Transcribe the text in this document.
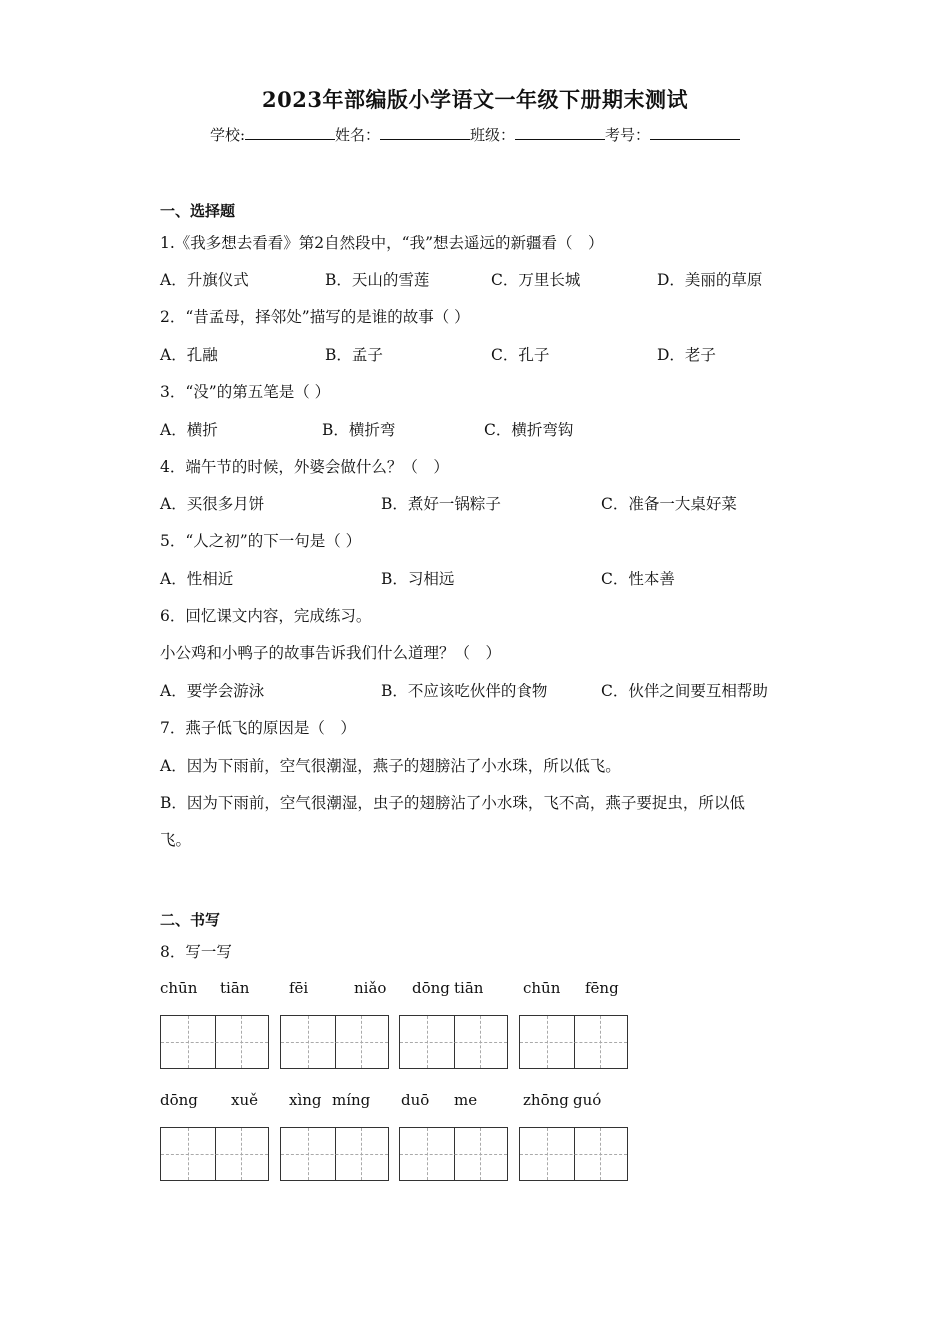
2023年部编版小学语文一年级下册期末测试
学校:	姓名：	班级：	考号：
一、选择题
1.《我多想去看看》第2自然段中，“我”想去遥远的新疆看（　）
A．升旗仪式	B．天山的雪莲	C．万里长城	D．美丽的草原
2．“昔孟母，择邻处”描写的是谁的故事（ ）
A．孔融	B．孟子	C．孔子	D．老子
3．“没”的第五笔是（ ）
A．横折	B．横折弯	C．横折弯钩
4．端午节的时候，外婆会做什么？（　）
A．买很多月饼	B．煮好一锅粽子	C．准备一大桌好菜
5．“人之初”的下一句是（ ）
A．性相近	B．习相远	C．性本善
6．回忆课文内容，完成练习。
小公鸡和小鸭子的故事告诉我们什么道理？（　）
A．要学会游泳	B．不应该吃伙伴的食物	C．伙伴之间要互相帮助
7．燕子低飞的原因是（　）
A．因为下雨前，空气很潮湿，燕子的翅膀沾了小水珠，所以低飞。
B．因为下雨前，空气很潮湿，虫子的翅膀沾了小水珠，飞不高，燕子要捉虫，所以低
飞。
二、书写
8．写一写
chūn tiān	fēi	niǎo dōng tiān	chūn fēng
dōng xuě xìng míng duō me	zhōng guó
